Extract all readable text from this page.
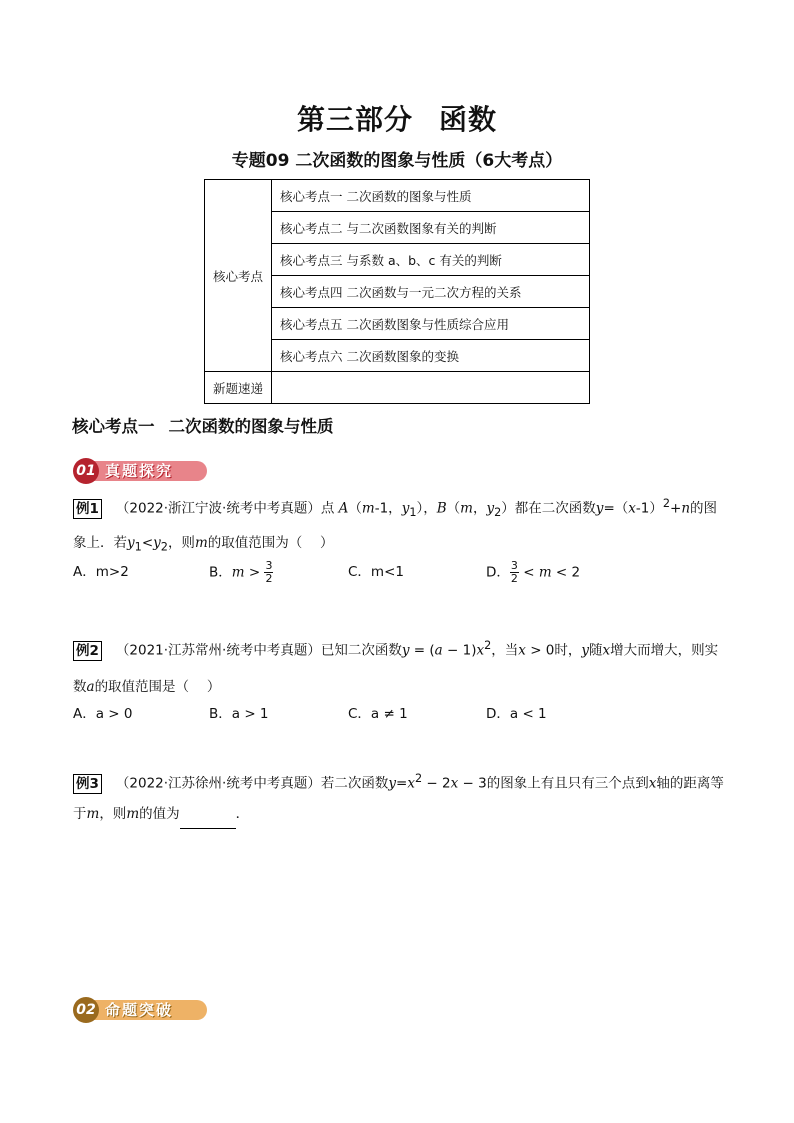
第三部分 函数
专题09 二次函数的图象与性质（6大考点）
核心考点	核心考点一 二次函数的图象与性质
	核心考点二 与二次函数图象有关的判断
	核心考点三 与系数 a、b、c 有关的判断
	核心考点四 二次函数与一元二次方程的关系
	核心考点五 二次函数图象与性质综合应用
	核心考点六 二次函数图象的变换
新题速递	
核心考点一 二次函数的图象与性质
真题探究
01
例1 （2022·浙江宁波·统考中考真题）点 A（m-1，$y_1$），B（m，$y_2$）都在二次函数$y=(x-1)^2+n$的图象上．若$y_1<y_2$，则m的取值范围为（　 ）
A．m>2	B．$m > \frac{3}{2}$	C．m<1	D． $\frac{3}{2} < m < 2$
例2 （2021·江苏常州·统考中考真题）已知二次函数$y = (a - 1)x^2$，当x > 0时，y随x增大而增大，则实数a的取值范围是（　 ）
A．a > 0	B．a > 1	C．a ≠ 1	D．a < 1
例3 （2022·江苏徐州·统考中考真题）若二次函数$y=x^2 - 2x - 3$的图象上有且只有三个点到x轴的距离等于m，则m的值为	．
命题突破
02
